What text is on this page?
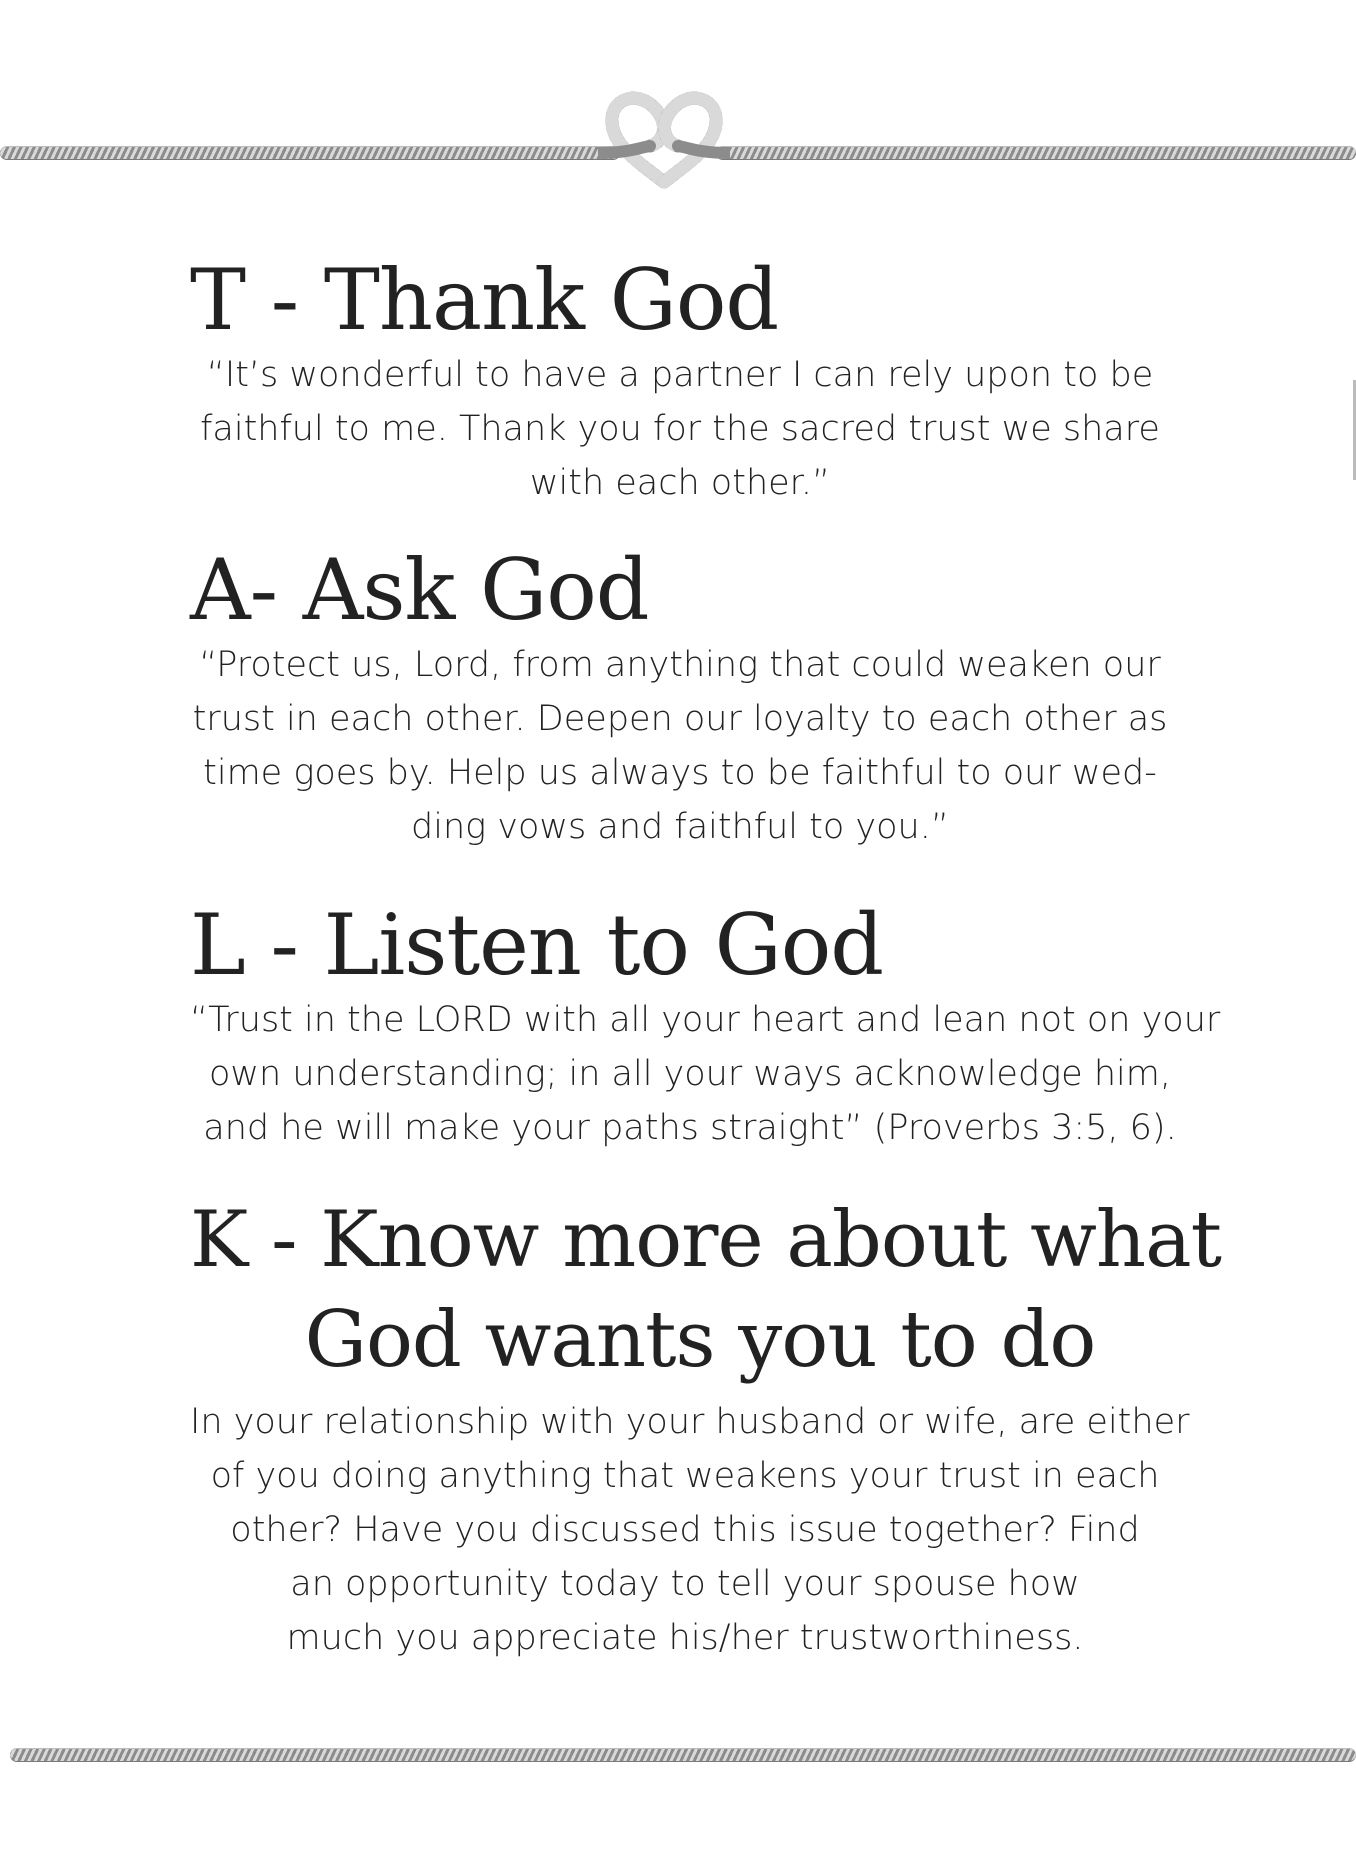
T - Thank God

“It’s wonderful to have a partner I can rely upon to be
faithful to me. Thank you for the sacred trust we share
with each other.”

A- Ask God

“Protect us, Lord, from anything that could weaken our
trust in each other. Deepen our loyalty to each other as
time goes by. Help us always to be faithful to our wed-
ding vows and faithful to you.”

L - Listen to God

“Trust in the LORD with all your heart and lean not on your
own understanding; in all your ways acknowledge him,
and he will make your paths straight” (Proverbs 3:5, 6).

K - Know more about what
God wants you to do

In your relationship with your husband or wife, are either
of you doing anything that weakens your trust in each
other? Have you discussed this issue together? Find
an opportunity today to tell your spouse how
much you appreciate his/her trustworthiness.
